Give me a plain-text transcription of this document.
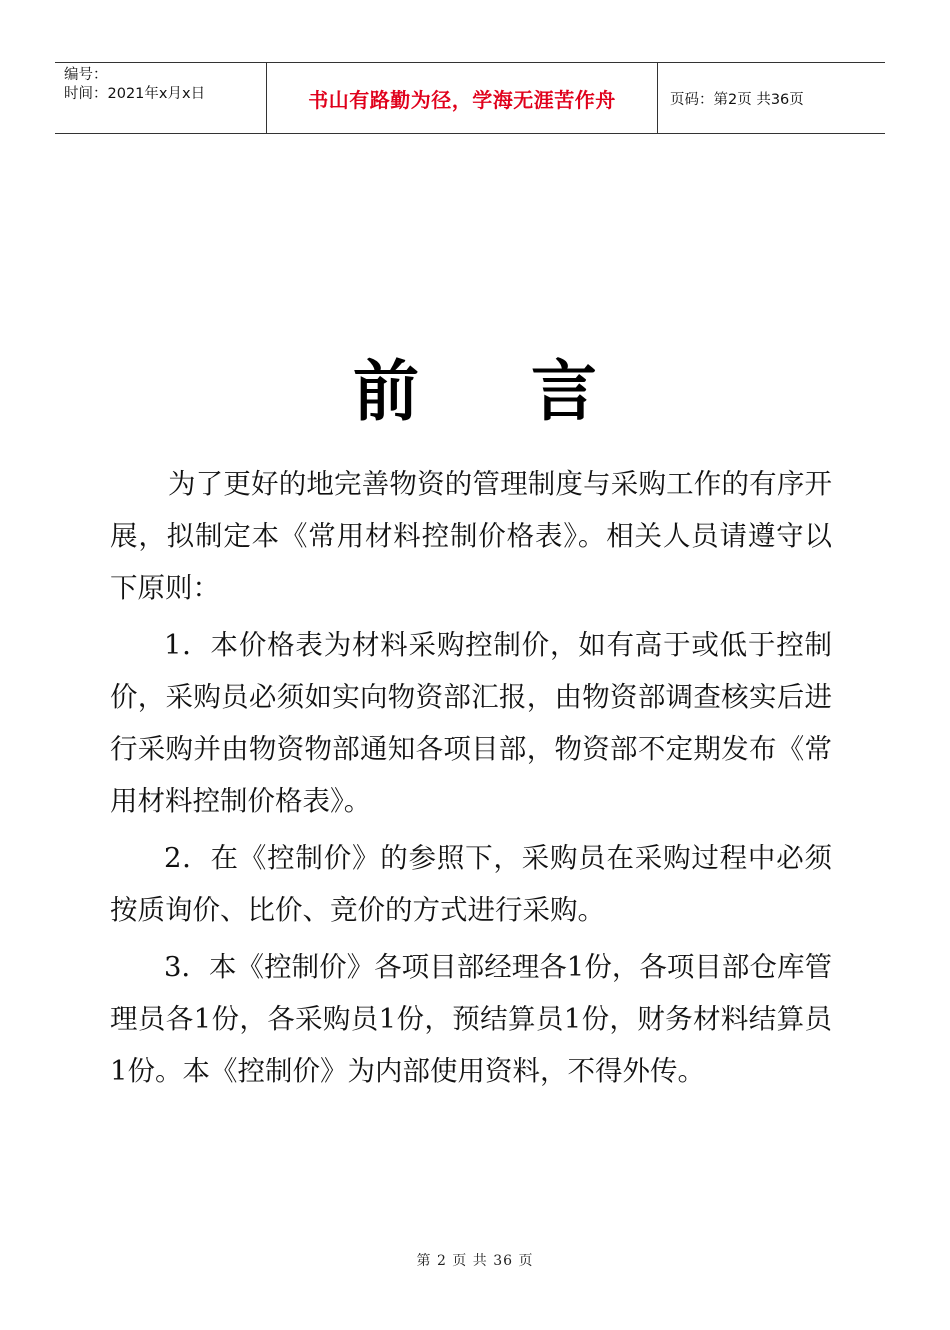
编号：
时间：2021年x月x日	书山有路勤为径，学海无涯苦作舟	页码：第2页 共36页
前言

为了更好的地完善物资的管理制度与采购工作的有序开展，拟制定本《常用材料控制价格表》。相关人员请遵守以下原则：

1．本价格表为材料采购控制价，如有高于或低于控制价，采购员必须如实向物资部汇报，由物资部调查核实后进行采购并由物资物部通知各项目部，物资部不定期发布《常用材料控制价格表》。

2．在《控制价》的参照下，采购员在采购过程中必须按质询价、比价、竞价的方式进行采购。

3．本《控制价》各项目部经理各1份，各项目部仓库管理员各1份，各采购员1份，预结算员1份，财务材料结算员1份。本《控制价》为内部使用资料，不得外传。

第 2 页 共 36 页
